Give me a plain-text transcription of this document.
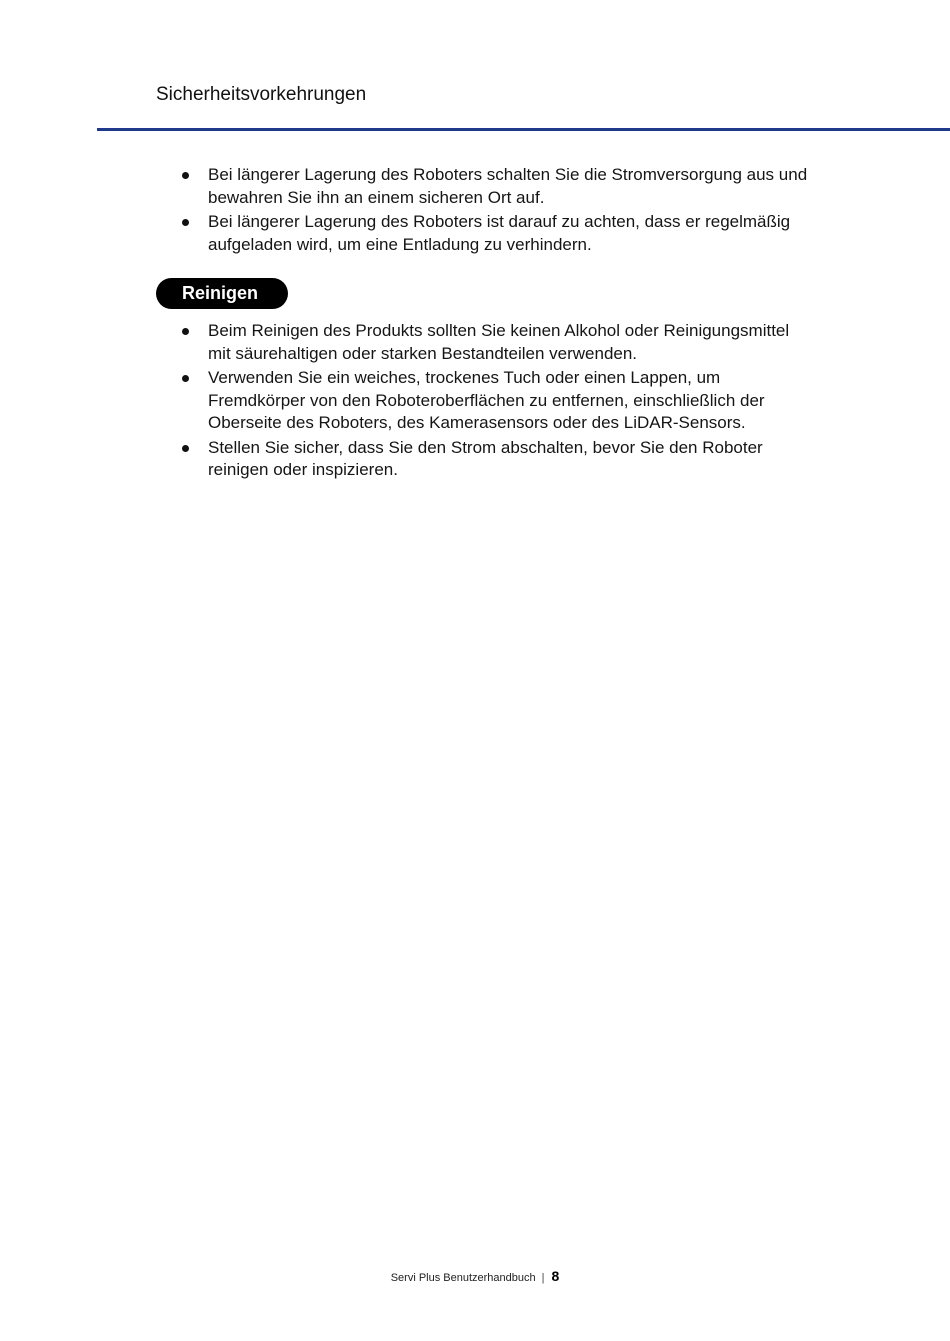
Sicherheitsvorkehrungen
Bei längerer Lagerung des Roboters schalten Sie die Stromversorgung aus und bewahren Sie ihn an einem sicheren Ort auf.
Bei längerer Lagerung des Roboters ist darauf zu achten, dass er regelmäßig aufgeladen wird, um eine Entladung zu verhindern.
Reinigen
Beim Reinigen des Produkts sollten Sie keinen Alkohol oder Reinigungsmittel mit säurehaltigen oder starken Bestandteilen verwenden.
Verwenden Sie ein weiches, trockenes Tuch oder einen Lappen, um Fremdkörper von den Roboteroberflächen zu entfernen, einschließlich der Oberseite des Roboters, des Kamerasensors oder des LiDAR-Sensors.
Stellen Sie sicher, dass Sie den Strom abschalten, bevor Sie den Roboter reinigen oder inspizieren.
Servi Plus Benutzerhandbuch | 8
